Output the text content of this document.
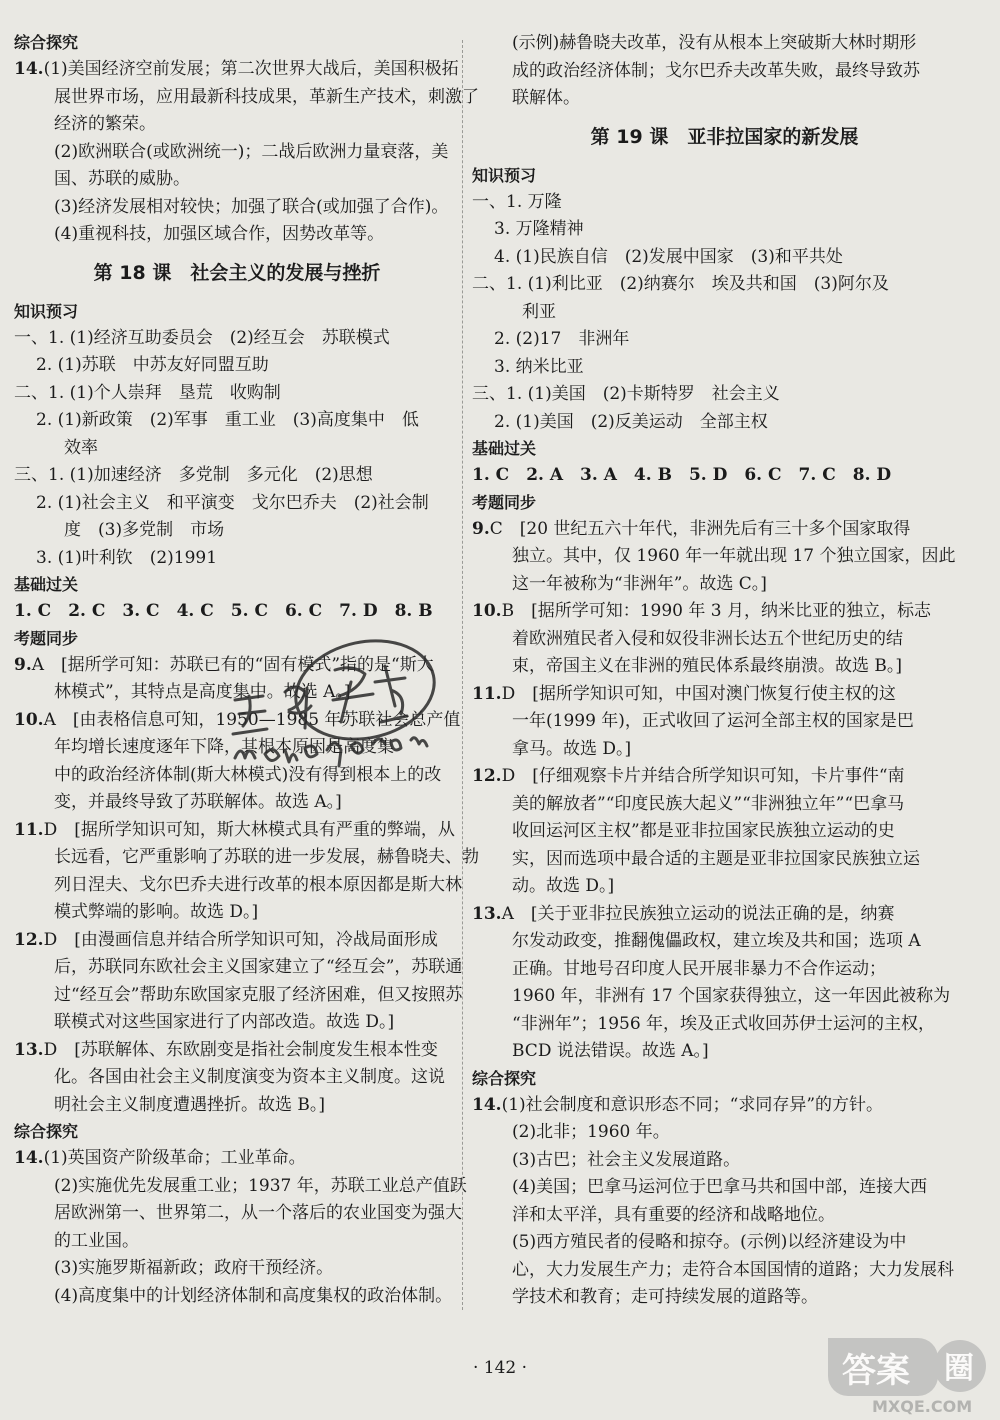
综合探究
14.(1)美国经济空前发展；第二次世界大战后，美国积极拓
展世界市场，应用最新科技成果，革新生产技术，刺激了
经济的繁荣。
(2)欧洲联合(或欧洲统一)；二战后欧洲力量衰落，美
国、苏联的威胁。
(3)经济发展相对较快；加强了联合(或加强了合作)。
(4)重视科技，加强区域合作，因势改革等。
第 18 课　社会主义的发展与挫折
知识预习
一、1. (1)经济互助委员会　(2)经互会　苏联模式
2. (1)苏联　中苏友好同盟互助
二、1. (1)个人崇拜　垦荒　收购制
2. (1)新政策　(2)军事　重工业　(3)高度集中　低
效率
三、1. (1)加速经济　多党制　多元化　(2)思想
2. (1)社会主义　和平演变　戈尔巴乔夫　(2)社会制
度　(3)多党制　市场
3. (1)叶利钦　(2)1991
基础过关
1. C　2. C　3. C　4. C　5. C　6. C　7. D　8. B
考题同步
9.A　[据所学可知：苏联已有的“固有模式”指的是“斯大
林模式”，其特点是高度集中。故选 A。]
10.A　[由表格信息可知，1950—1985 年苏联社会总产值
年均增长速度逐年下降，其根本原因是高度集
中的政治经济体制(斯大林模式)没有得到根本上的改
变，并最终导致了苏联解体。故选 A。]
11.D　[据所学知识可知，斯大林模式具有严重的弊端，从
长远看，它严重影响了苏联的进一步发展，赫鲁晓夫、勃
列日涅夫、戈尔巴乔夫进行改革的根本原因都是斯大林
模式弊端的影响。故选 D。]
12.D　[由漫画信息并结合所学知识可知，冷战局面形成
后，苏联同东欧社会主义国家建立了“经互会”，苏联通
过“经互会”帮助东欧国家克服了经济困难，但又按照苏
联模式对这些国家进行了内部改造。故选 D。]
13.D　[苏联解体、东欧剧变是指社会制度发生根本性变
化。各国由社会主义制度演变为资本主义制度。这说
明社会主义制度遭遇挫折。故选 B。]
综合探究
14.(1)英国资产阶级革命；工业革命。
(2)实施优先发展重工业；1937 年，苏联工业总产值跃
居欧洲第一、世界第二，从一个落后的农业国变为强大
的工业国。
(3)实施罗斯福新政；政府干预经济。
(4)高度集中的计划经济体制和高度集权的政治体制。
(示例)赫鲁晓夫改革，没有从根本上突破斯大林时期形
成的政治经济体制；戈尔巴乔夫改革失败，最终导致苏
联解体。
第 19 课　亚非拉国家的新发展
知识预习
一、1. 万隆
3. 万隆精神
4. (1)民族自信　(2)发展中国家　(3)和平共处
二、1. (1)利比亚　(2)纳赛尔　埃及共和国　(3)阿尔及
利亚
2. (2)17　非洲年
3. 纳米比亚
三、1. (1)美国　(2)卡斯特罗　社会主义
2. (1)美国　(2)反美运动　全部主权
基础过关
1. C　2. A　3. A　4. B　5. D　6. C　7. C　8. D
考题同步
9.C　[20 世纪五六十年代，非洲先后有三十多个国家取得
独立。其中，仅 1960 年一年就出现 17 个独立国家，因此
这一年被称为“非洲年”。故选 C。]
10.B　[据所学可知：1990 年 3 月，纳米比亚的独立，标志
着欧洲殖民者入侵和奴役非洲长达五个世纪历史的结
束，帝国主义在非洲的殖民体系最终崩溃。故选 B。]
11.D　[据所学知识可知，中国对澳门恢复行使主权的这
一年(1999 年)，正式收回了运河全部主权的国家是巴
拿马。故选 D。]
12.D　[仔细观察卡片并结合所学知识可知，卡片事件“南
美的解放者”“印度民族大起义”“非洲独立年”“巴拿马
收回运河区主权”都是亚非拉国家民族独立运动的史
实，因而选项中最合适的主题是亚非拉国家民族独立运
动。故选 D。]
13.A　[关于亚非拉民族独立运动的说法正确的是，纳赛
尔发动政变，推翻傀儡政权，建立埃及共和国；选项 A
正确。甘地号召印度人民开展非暴力不合作运动；
1960 年，非洲有 17 个国家获得独立，这一年因此被称为
“非洲年”；1956 年，埃及正式收回苏伊士运河的主权，
BCD 说法错误。故选 A。]
综合探究
14.(1)社会制度和意识形态不同；“求同存异”的方针。
(2)北非；1960 年。
(3)古巴；社会主义发展道路。
(4)美国；巴拿马运河位于巴拿马共和国中部，连接大西
洋和太平洋，具有重要的经济和战略地位。
(5)西方殖民者的侵略和掠夺。(示例)以经济建设为中
心，大力发展生产力；走符合本国国情的道路；大力发展科
学技术和教育；走可持续发展的道路等。
· 142 ·	答案 圈
MXQE.COM
